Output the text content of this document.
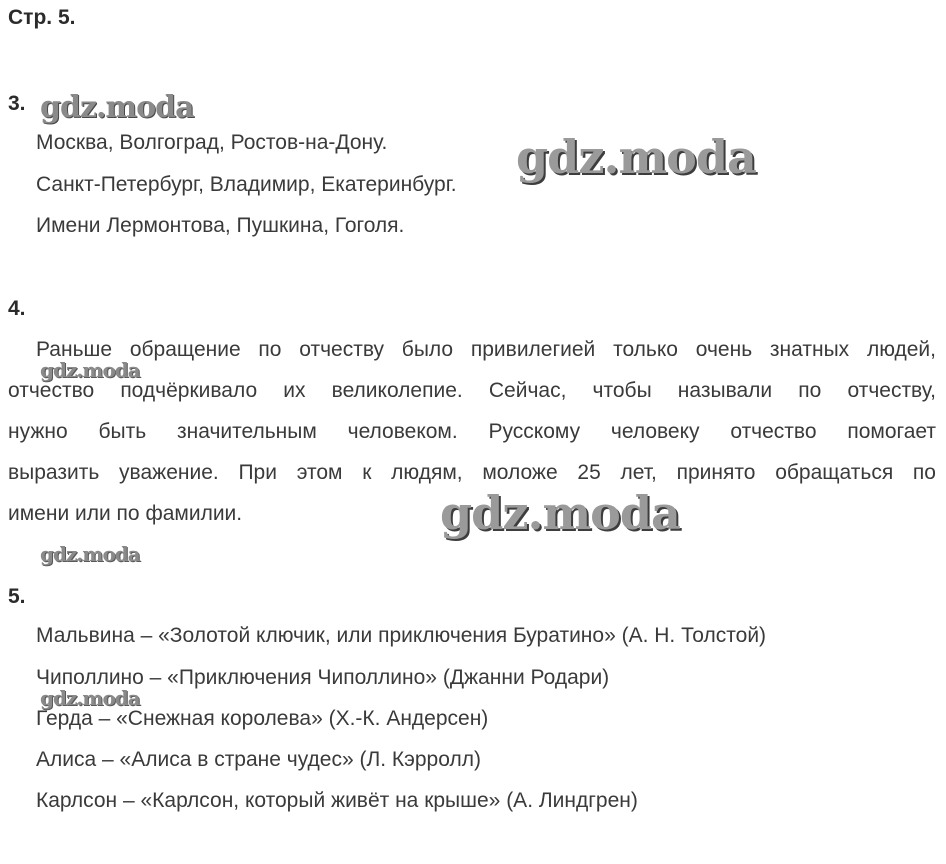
Стр. 5.
3.
Москва, Волгоград, Ростов-на-Дону.
Санкт-Петербург, Владимир, Екатеринбург.
Имени Лермонтова, Пушкина, Гоголя.
4.
Раньше обращение по отчеству было привилегией только очень знатных людей,
отчество подчёркивало их великолепие. Сейчас, чтобы называли по отчеству,
нужно быть значительным человеком. Русскому человеку отчество помогает
выразить уважение. При этом к людям, моложе 25 лет, принято обращаться по
имени или по фамилии.
5.
Мальвина – «Золотой ключик, или приключения Буратино» (А. Н. Толстой)
Чиполлино – «Приключения Чиполлино» (Джанни Родари)
Герда – «Снежная королева» (Х.-К. Андерсен)
Алиса – «Алиса в стране чудес» (Л. Кэрролл)
Карлсон – «Карлсон, который живёт на крыше» (А. Линдгрен)
gdz.moda
gdz.moda
gdz.moda
gdz.moda
gdz.moda
gdz.moda
